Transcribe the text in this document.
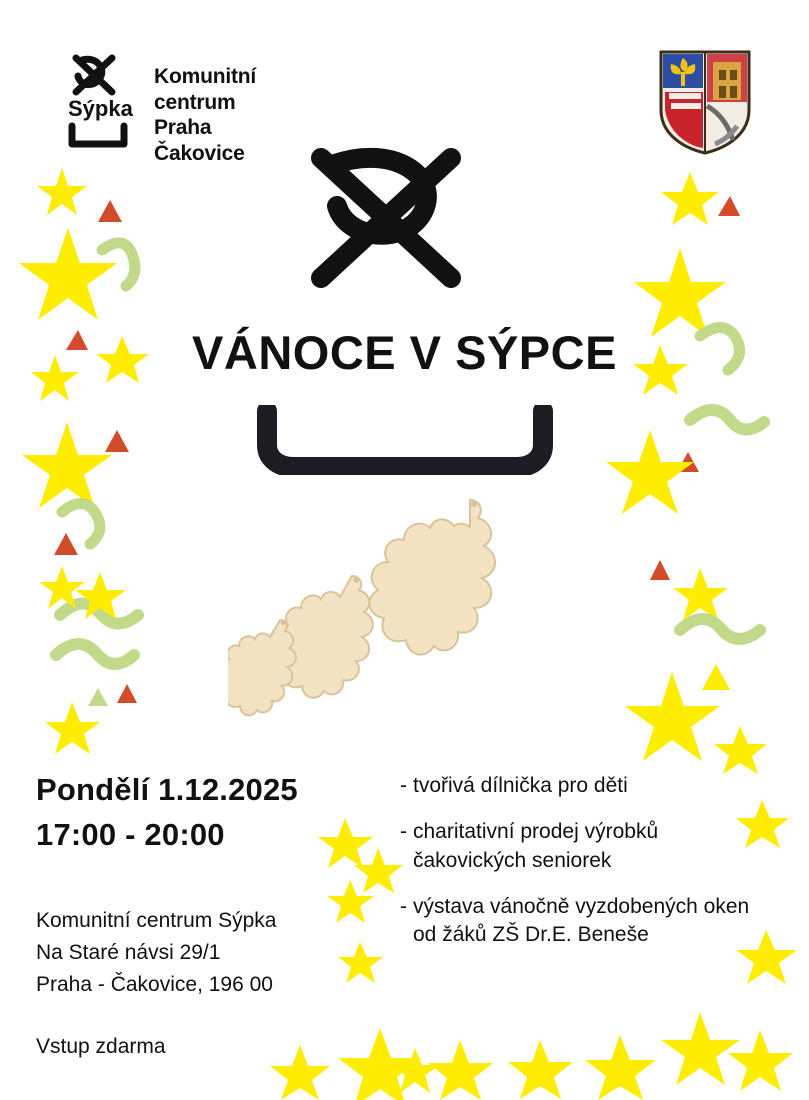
Sýpka
Komunitní
centrum
Praha
Čakovice
VÁNOCE V SÝPCE
Pondělí 1.12.2025
17:00 - 20:00
Komunitní centrum Sýpka
Na Staré návsi 29/1
Praha - Čakovice, 196 00
Vstup zdarma
- tvořivá dílnička pro děti
- charitativní prodej výrobků čakovických seniorek
- výstava vánočně vyzdobených oken od žáků ZŠ Dr.E. Beneše
